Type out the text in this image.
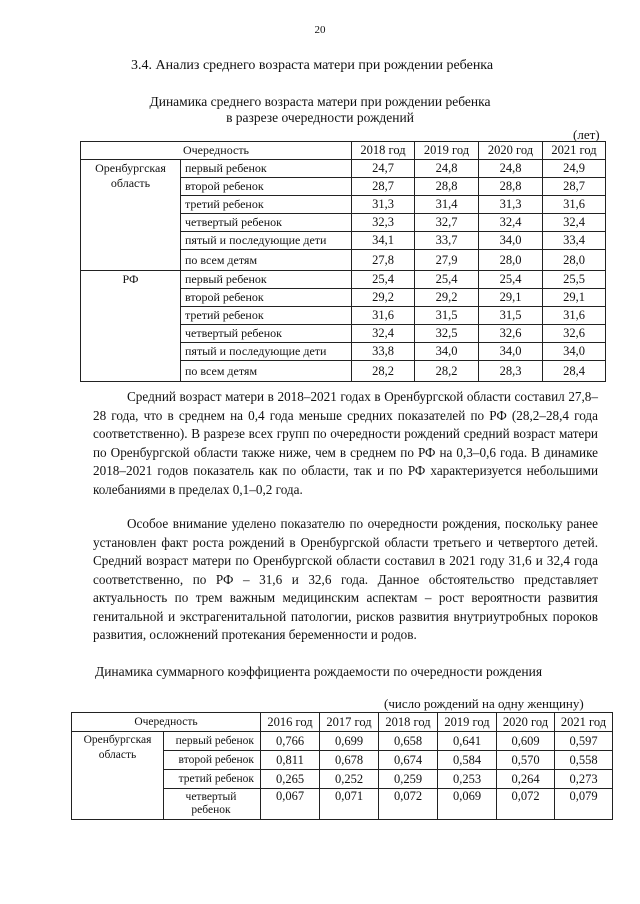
20
3.4. Анализ среднего возраста матери при рождении ребенка
Динамика среднего возраста матери при рождении ребенка
в разрезе очередности рождений
(лет)
Очередность		2018 год	2019 год	2020 год	2021 год
Оренбургская область	первый ребенок	24,7	24,8	24,8	24,9
	второй ребенок	28,7	28,8	28,8	28,7
	третий ребенок	31,3	31,4	31,3	31,6
	четвертый ребенок	32,3	32,7	32,4	32,4
	пятый и последующие дети	34,1	33,7	34,0	33,4
	по всем детям	27,8	27,9	28,0	28,0
РФ	первый ребенок	25,4	25,4	25,4	25,5
	второй ребенок	29,2	29,2	29,1	29,1
	третий ребенок	31,6	31,5	31,5	31,6
	четвертый ребенок	32,4	32,5	32,6	32,6
	пятый и последующие дети	33,8	34,0	34,0	34,0
	по всем детям	28,2	28,2	28,3	28,4

Средний возраст матери в 2018–2021 годах в Оренбургской области составил 27,8–28 года, что в среднем на 0,4 года меньше средних показателей по РФ (28,2–28,4 года соответственно). В разрезе всех групп по очередности рождений средний возраст матери по Оренбургской области также ниже, чем в среднем по РФ на 0,3–0,6 года. В динамике 2018–2021 годов показатель как по области, так и по РФ характеризуется небольшими колебаниями в пределах 0,1–0,2 года.

Особое внимание уделено показателю по очередности рождения, поскольку ранее установлен факт роста рождений в Оренбургской области третьего и четвертого детей. Средний возраст матери по Оренбургской области составил в 2021 году 31,6 и 32,4 года соответственно, по РФ – 31,6 и 32,6 года. Данное обстоятельство представляет актуальность по трем важным медицинским аспектам – рост вероятности развития генитальной и экстрагенитальной патологии, рисков развития внутриутробных пороков развития, осложнений протекания беременности и родов.

Динамика суммарного коэффициента рождаемости по очередности рождения
(число рождений на одну женщину)
Очередность		2016 год	2017 год	2018 год	2019 год	2020 год	2021 год
Оренбургская область	первый ребенок	0,766	0,699	0,658	0,641	0,609	0,597
	второй ребенок	0,811	0,678	0,674	0,584	0,570	0,558
	третий ребенок	0,265	0,252	0,259	0,253	0,264	0,273
	четвертый ребенок	0,067	0,071	0,072	0,069	0,072	0,079
